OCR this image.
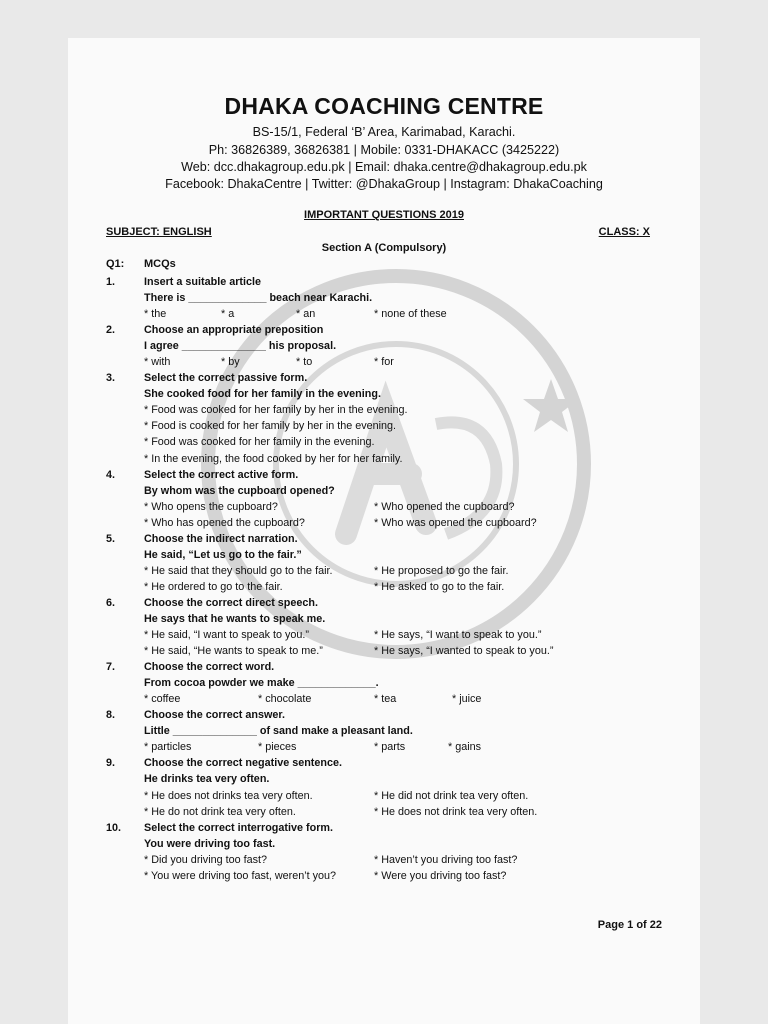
DHAKA COACHING CENTRE
BS-15/1, Federal ‘B’ Area, Karimabad, Karachi.
Ph: 36826389, 36826381 | Mobile: 0331-DHAKACC (3425222)
Web: dcc.dhakagroup.edu.pk | Email: dhaka.centre@dhakagroup.edu.pk
Facebook: DhakaCentre | Twitter: @DhakaGroup | Instagram: DhakaCoaching
IMPORTANT QUESTIONS 2019
SUBJECT: ENGLISH	CLASS: X
Section A (Compulsory)
Q1: MCQs
1.	Insert a suitable article
There is _____________ beach near Karachi.
* the	* a	* an	* none of these
2.	Choose an appropriate preposition
I agree ______________ his proposal.
* with	* by	* to	* for
3.	Select the correct passive form.
She cooked food for her family in the evening.
* Food was cooked for her family by her in the evening.
* Food is cooked for her family by her in the evening.
* Food was cooked for her family in the evening.
* In the evening, the food cooked by her for her family.
4.	Select the correct active form.
By whom was the cupboard opened?
* Who opens the cupboard?	* Who opened the cupboard?
* Who has opened the cupboard?	* Who was opened the cupboard?
5.	Choose the indirect narration.
He said, “Let us go to the fair.”
* He said that they should go to the fair.	* He proposed to go the fair.
* He ordered to go to the fair.	* He asked to go to the fair.
6.	Choose the correct direct speech.
He says that he wants to speak me.
* He said, “I want to speak to you.”	* He says, “I want to speak to you.”
* He said, “He wants to speak to me.”	* He says, “I wanted to speak to you.”
7.	Choose the correct word.
From cocoa powder we make _____________.
* coffee	* chocolate	* tea	* juice
8.	Choose the correct answer.
Little ______________ of sand make a pleasant land.
* particles	* pieces	* parts	* gains
9.	Choose the correct negative sentence.
He drinks tea very often.
* He does not drinks tea very often.	* He did not drink tea very often.
* He do not drink tea very often.	* He does not drink tea very often.
10. Select the correct interrogative form.
You were driving too fast.
* Did you driving too fast?	* Haven’t you driving too fast?
* You were driving too fast, weren’t you?	* Were you driving too fast?
Page 1 of 22
